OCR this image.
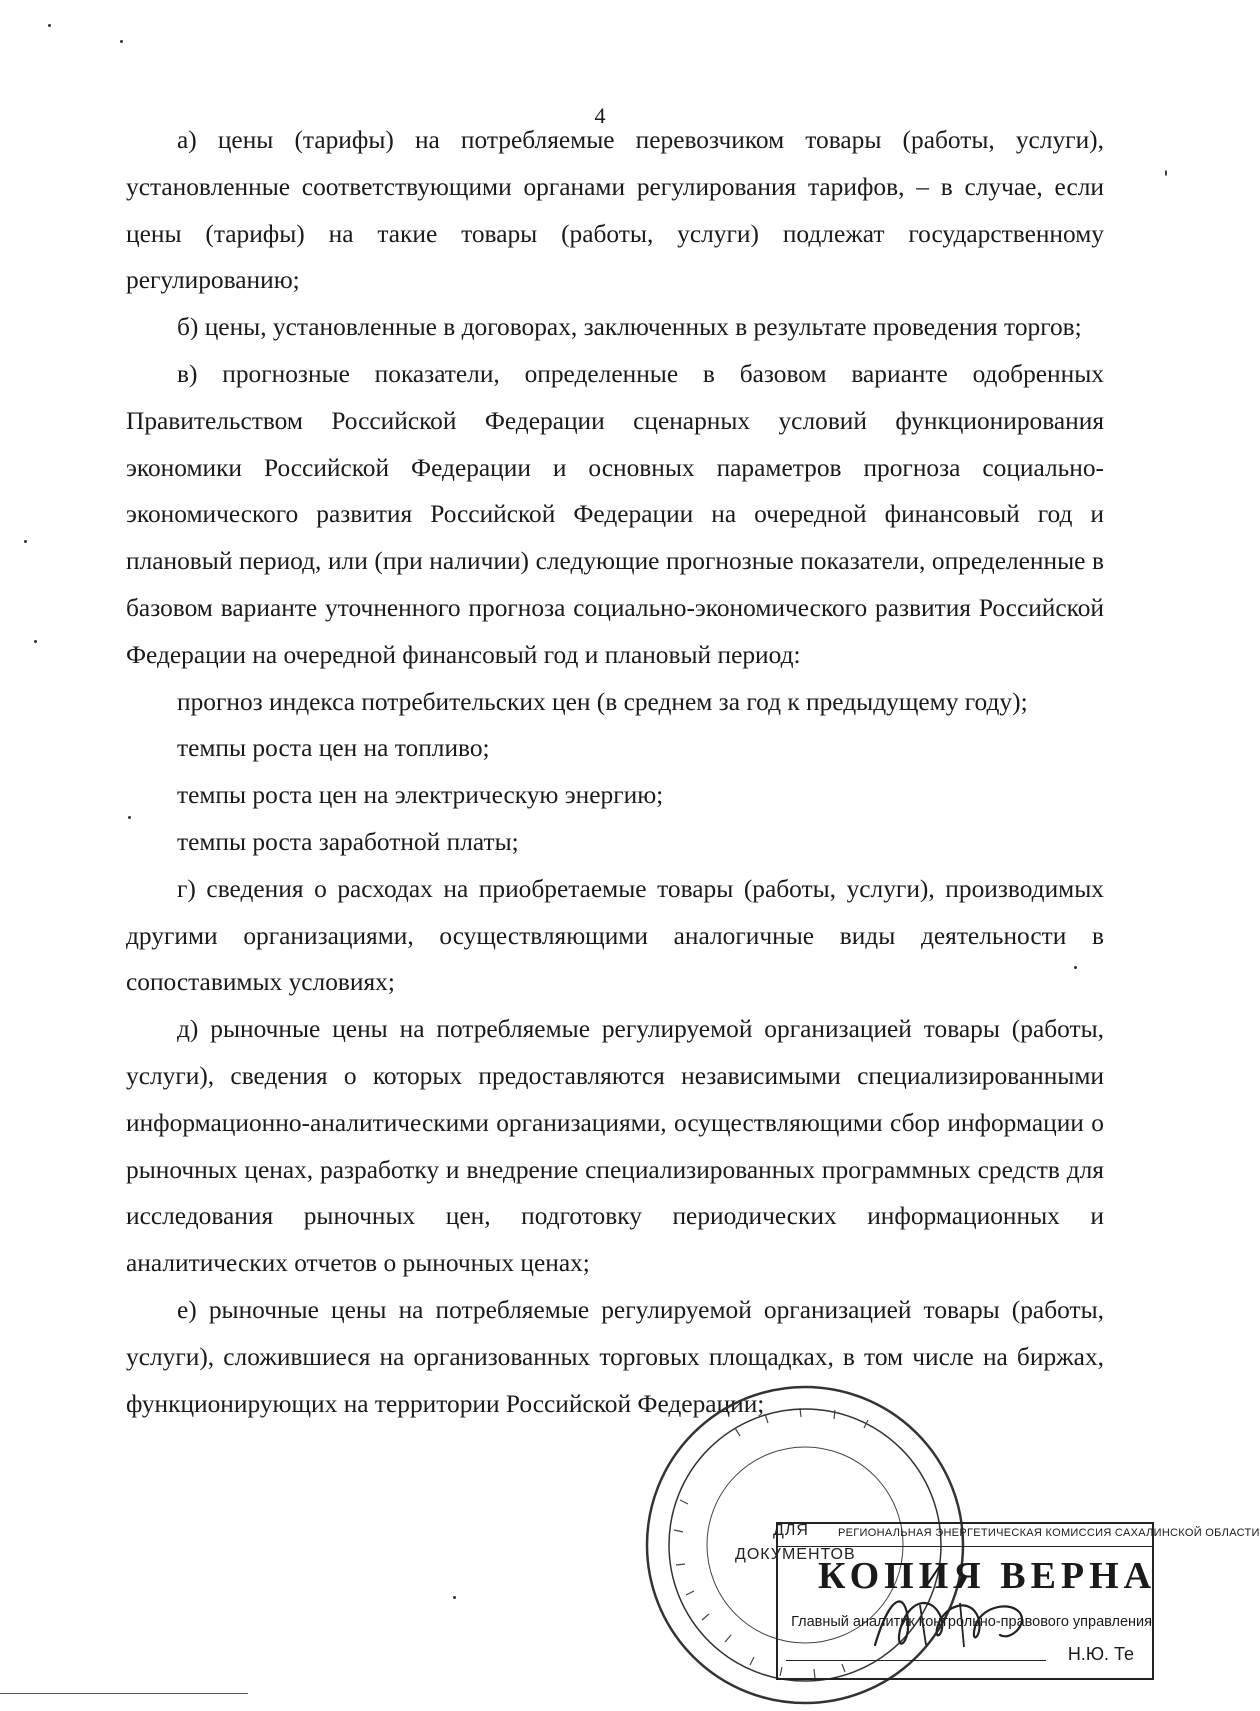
4

а) цены (тарифы) на потребляемые перевозчиком товары (работы, услуги), установленные соответствующими органами регулирования тарифов, – в случае, если цены (тарифы) на такие товары (работы, услуги) подлежат государственному регулированию;

б) цены, установленные в договорах, заключенных в результате проведения торгов;

в) прогнозные показатели, определенные в базовом варианте одобренных Правительством Российской Федерации сценарных условий функционирования экономики Российской Федерации и основных параметров прогноза социально-экономического развития Российской Федерации на очередной финансовый год и плановый период, или (при наличии) следующие прогнозные показатели, определенные в базовом варианте уточненного прогноза социально-экономического развития Российской Федерации на очередной финансовый год и плановый период:

прогноз индекса потребительских цен (в среднем за год к предыдущему году);

темпы роста цен на топливо;

темпы роста цен на электрическую энергию;

темпы роста заработной платы;

г) сведения о расходах на приобретаемые товары (работы, услуги), производимых другими организациями, осуществляющими аналогичные виды деятельности в сопоставимых условиях;

д) рыночные цены на потребляемые регулируемой организацией товары (работы, услуги), сведения о которых предоставляются независимыми специализированными информационно-аналитическими организациями, осуществляющими сбор информации о рыночных ценах, разработку и внедрение специализированных программных средств для исследования рыночных цен, подготовку периодических информационных и аналитических отчетов о рыночных ценах;

е) рыночные цены на потребляемые регулируемой организацией товары (работы, услуги), сложившиеся на организованных торговых площадках, в том числе на биржах, функционирующих на территории Российской Федерации;

ДЛЯ
ДОКУМЕНТОВ
РЕГИОНАЛЬНАЯ ЭНЕРГЕТИЧЕСКАЯ КОМИССИЯ САХАЛИНСКОЙ ОБЛАСТИ
КОПИЯ ВЕРНА
Главный аналитик контрольно-правового управления
Н.Ю. Те
